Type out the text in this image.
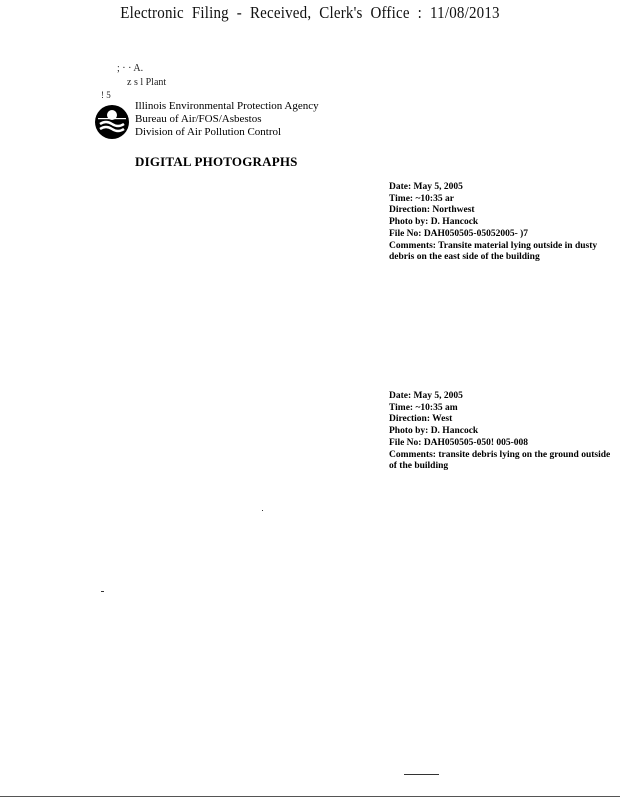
Electronic Filing - Received, Clerk's Office : 11/08/2013
; · · A.
z s l Plant
! 5
Illinois Environmental Protection Agency
Bureau of Air/FOS/Asbestos
Division of Air Pollution Control
DIGITAL PHOTOGRAPHS
Date: May 5, 2005
Time: ~10:35 ar
Direction: Northwest
Photo by: D. Hancock
File No: DAH050505-05052005- )7
Comments: Transite material lying outside in dusty debris on the east side of the building
Date: May 5, 2005
Time: ~10:35 am
Direction: West
Photo by: D. Hancock
File No: DAH050505-050! 005-008
Comments: transite debris lying on the ground outside of the building
